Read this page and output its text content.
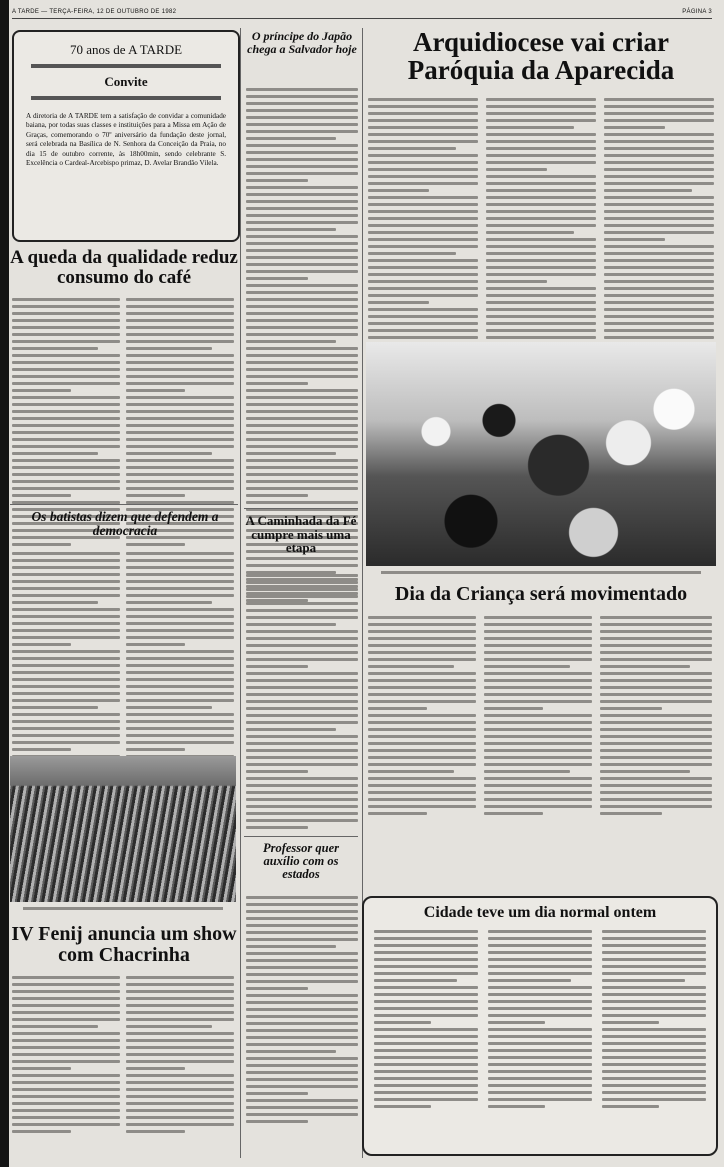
A TARDE — TERÇA-FEIRA, 12 DE OUTUBRO DE 1982	PÁGINA 3
70 anos de A TARDE
Convite
A diretoria de A TARDE tem a satisfação de convidar a comunidade baiana, por todas suas classes e instituições para a Missa em Ação de Graças, comemorando o 70º aniversário da fundação deste jornal, será celebrada na Basílica de N. Senhora da Conceição da Praia, no dia 15 de outubro corrente, às 18h00min, sendo celebrante S. Excelência o Cardeal-Arcebispo primaz, D. Avelar Brandão Vilela.
O príncipe do Japão chega a Salvador hoje	Arquidiocese vai criar Paróquia da Aparecida
A queda da qualidade reduz consumo do café
Os batistas dizem que defendem a democracia
IV Fenij anuncia um show com Chacrinha
A Caminhada da Fé cumpre mais uma etapa
Professor quer auxílio com os estados
Dia da Criança será movimentado
Cidade teve um dia normal ontem
